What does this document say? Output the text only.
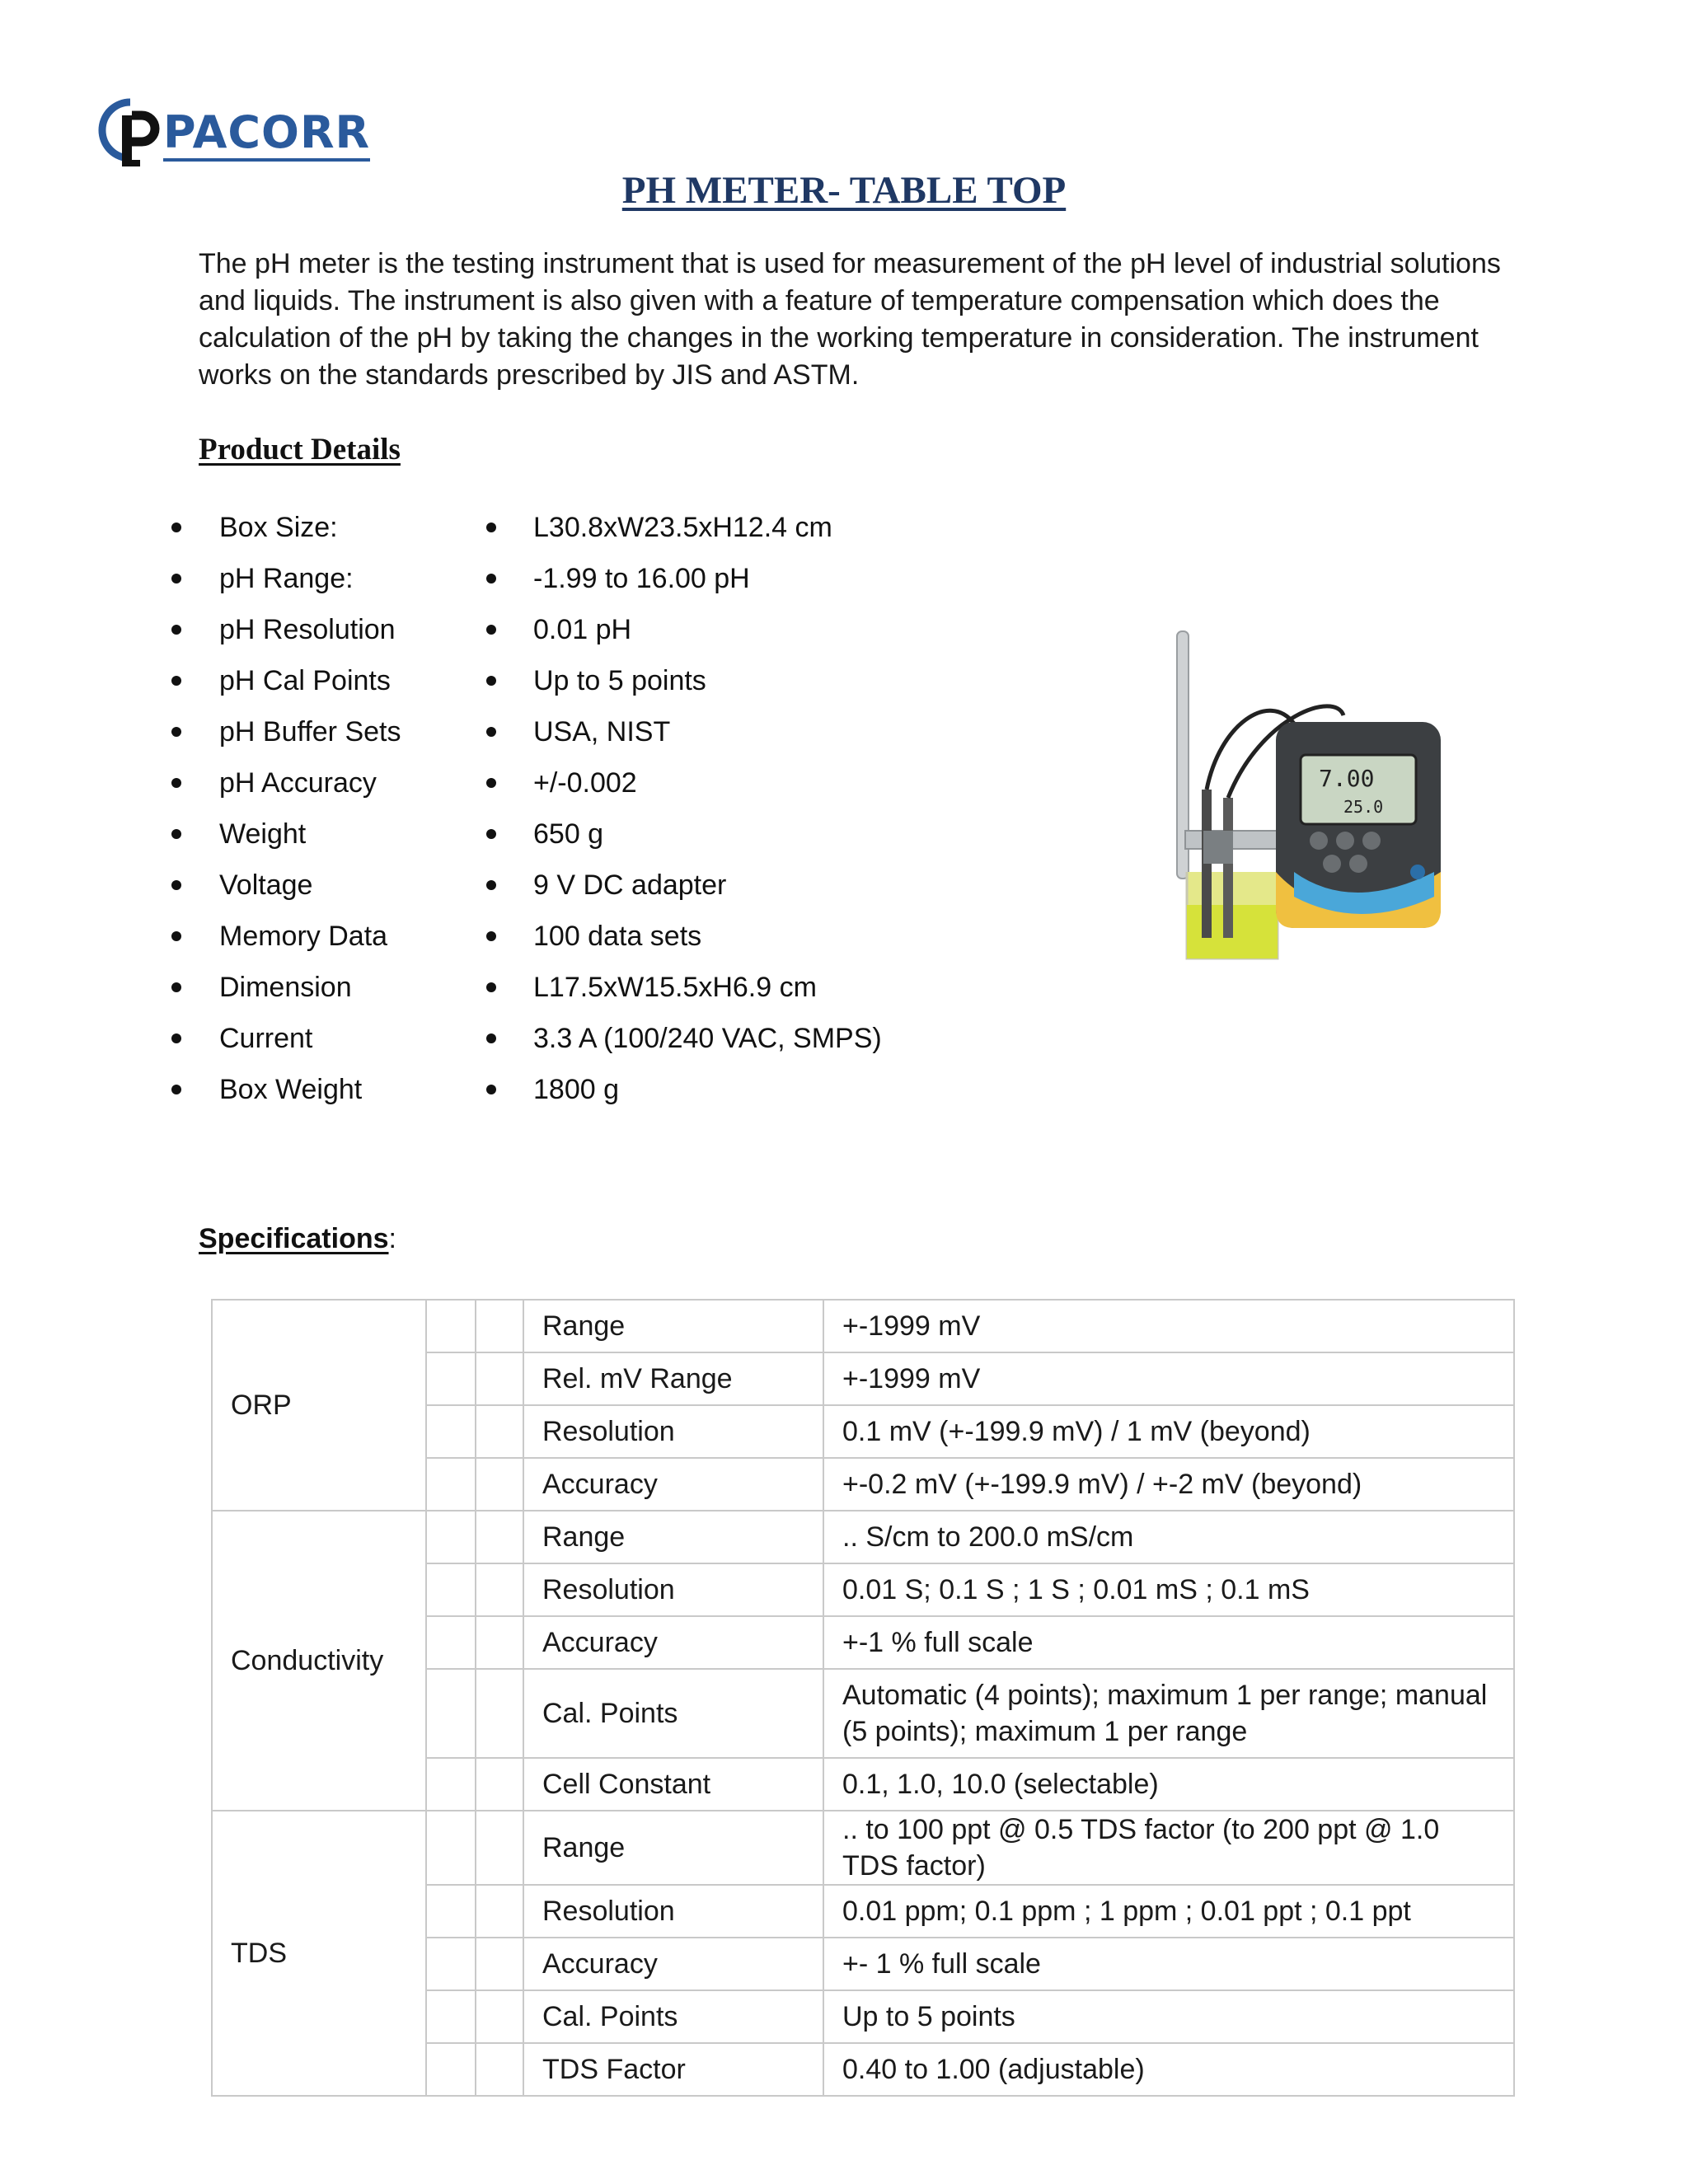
PACORR
PH METER- TABLE TOP

The pH meter is the testing instrument that is used for measurement of the pH level of industrial solutions and liquids. The instrument is also given with a feature of temperature compensation which does the calculation of the pH by taking the changes in the working temperature in consideration. The instrument works on the standards prescribed by JIS and ASTM.

Product Details
Box Size:	L30.8xW23.5xH12.4 cm
pH Range:	-1.99 to 16.00 pH
pH Resolution	0.01 pH
pH Cal Points	Up to 5 points
pH Buffer Sets	USA, NIST
pH Accuracy	+/-0.002
Weight	650 g
Voltage	9 V DC adapter
Memory Data	100 data sets
Dimension	L17.5xW15.5xH6.9 cm
Current	3.3 A (100/240 VAC, SMPS)
Box Weight	1800 g
7.00
25.0
Specifications:
ORP			Range	+-1999 mV
			Rel. mV Range	+-1999 mV
			Resolution	0.1 mV (+-199.9 mV) / 1 mV (beyond)
			Accuracy	+-0.2 mV (+-199.9 mV) / +-2 mV (beyond)
Conductivity			Range	.. S/cm to 200.0 mS/cm
			Resolution	0.01 S; 0.1 S ; 1 S ; 0.01 mS ; 0.1 mS
			Accuracy	+-1 % full scale
			Cal. Points	Automatic (4 points); maximum 1 per range; manual (5 points); maximum 1 per range
			Cell Constant	0.1, 1.0, 10.0 (selectable)
TDS			Range	.. to 100 ppt @ 0.5 TDS factor (to 200 ppt @ 1.0 TDS factor)
			Resolution	0.01 ppm; 0.1 ppm ; 1 ppm ; 0.01 ppt ; 0.1 ppt
			Accuracy	+- 1 % full scale
			Cal. Points	Up to 5 points
			TDS Factor	0.40 to 1.00 (adjustable)
